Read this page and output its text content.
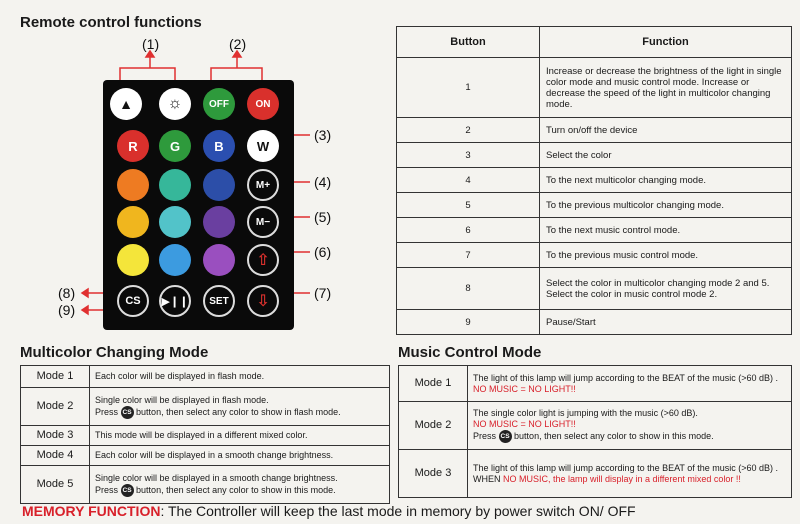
Remote control functions
(1)	(2)
(3)
(4)
(5)
(6)
(7)
(8)
(9)
▲ ☼	OFF	ON
R	G	B	W
M+
M−
⇧
CS	▶❙❙	SET	⇩
Button	Function
1	Increase or decrease the brightness of the light in single color mode and music control mode. Increase or decrease the speed of the light in multicolor changing mode.
2	Turn on/off the device
3	Select the color
4	To the next multicolor changing mode.
5	To the previous multicolor changing mode.
6	To the next music control mode.
7	To the previous music control mode.
8	Select the color in multicolor changing mode 2 and 5. Select the color in music control mode 2.
9	Pause/Start
Multicolor Changing Mode
Mode 1	Each color will be displayed in flash mode.
Mode 2	Single color will be displayed in flash mode.
Press CS button, then select any color to show in flash mode.
Mode 3	This mode will be displayed in a different mixed color.
Mode 4	Each color will be displayed in a smooth change brightness.
Mode 5	Single color will be displayed in a smooth change brightness.
Press CS button, then select any color to show in this mode.
Music Control Mode
Mode 1	The light of this lamp will jump according to the BEAT of the music (>60 dB) . NO MUSIC = NO LIGHT!!
Mode 2	The single color light is jumping with the music (>60 dB).
NO MUSIC = NO LIGHT!!
Press CS button, then select any color to show in this mode.
Mode 3	The light of this lamp will jump according to the BEAT of the music (>60 dB) . WHEN NO MUSIC, the lamp will display in a different mixed color !!
MEMORY FUNCTION: The Controller will keep the last mode in memory by power switch ON/ OFF
